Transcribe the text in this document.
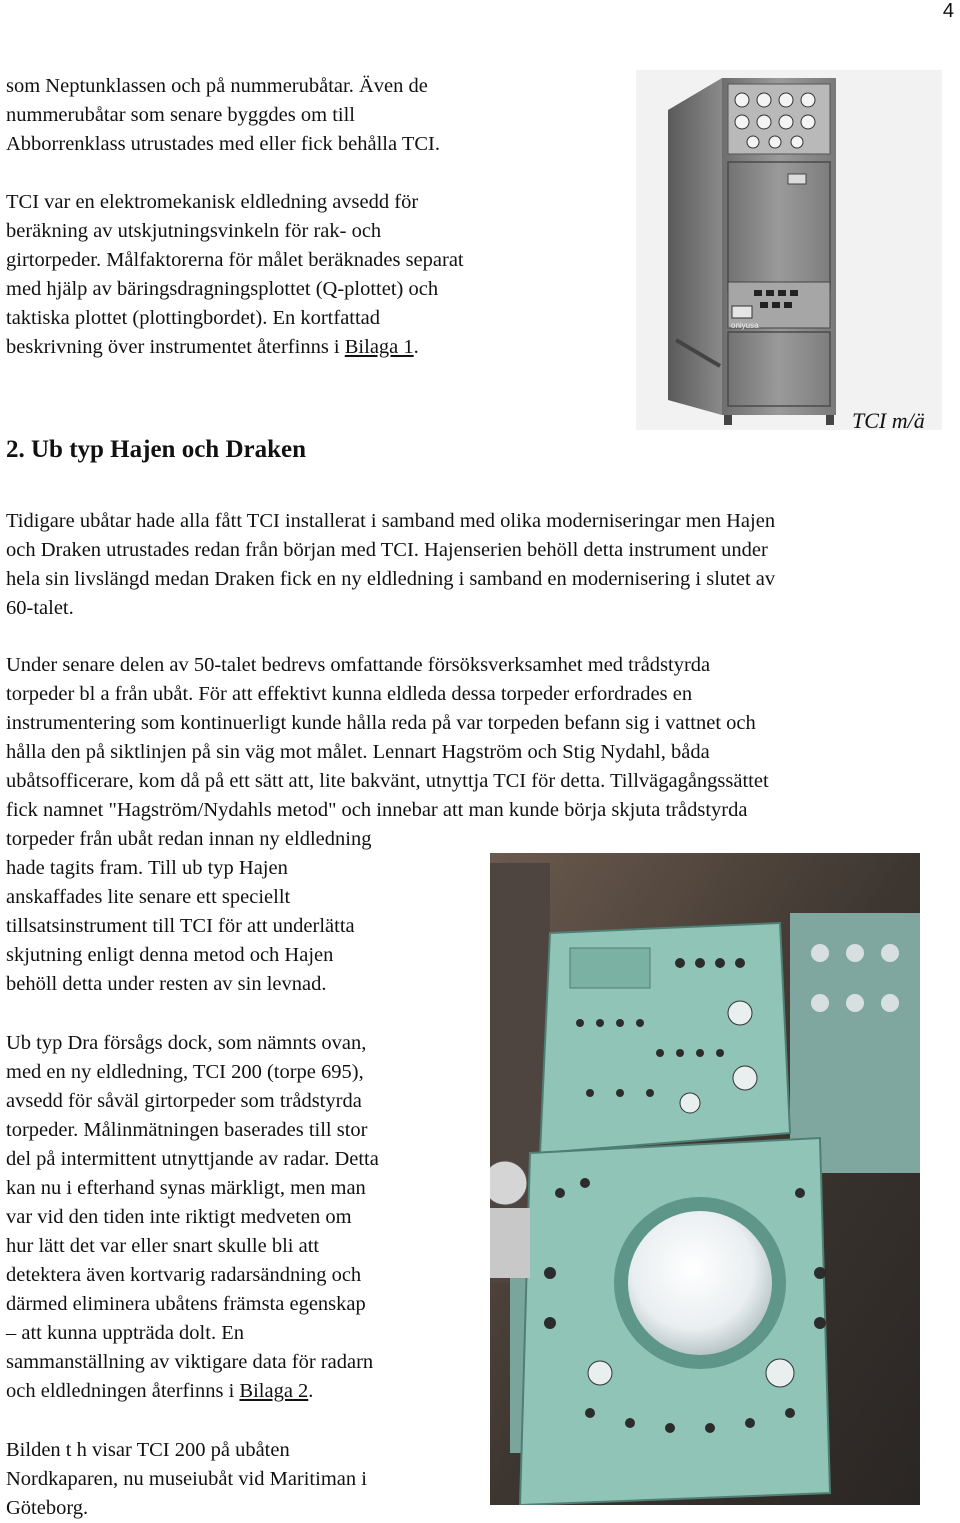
4
som Neptunklassen och på nummerubåtar. Även de
nummerubåtar som senare byggdes om till
Abborrenklass utrustades med eller fick behålla TCI.
TCI var en elektromekanisk eldledning avsedd för
beräkning av utskjutningsvinkeln för rak- och
girtorpeder. Målfaktorerna för målet beräknades separat
med hjälp av bäringsdragningsplottet (Q-plottet) och
taktiska plottet (plottingbordet). En kortfattad
beskrivning över instrumentet återfinns i Bilaga 1.
oniyusa
TCI m/ä
2. Ub typ Hajen och Draken
Tidigare ubåtar hade alla fått TCI installerat i samband med olika moderniseringar men Hajen
och Draken utrustades redan från början med TCI. Hajenserien behöll detta instrument under
hela sin livslängd medan Draken fick en ny eldledning i samband en modernisering i slutet av
60-talet.
Under senare delen av 50-talet bedrevs omfattande försöksverksamhet med trådstyrda
torpeder bl a från ubåt. För att effektivt kunna eldleda dessa torpeder erfordrades en
instrumentering som kontinuerligt kunde hålla reda på var torpeden befann sig i vattnet och
hålla den på siktlinjen på sin väg mot målet. Lennart Hagström och Stig Nydahl, båda
ubåtsofficerare, kom då på ett sätt att, lite bakvänt, utnyttja TCI för detta. Tillvägagångssättet
fick namnet "Hagström/Nydahls metod" och innebar att man kunde börja skjuta trådstyrda
torpeder från ubåt redan innan ny eldledning
hade tagits fram. Till ub typ Hajen
anskaffades lite senare ett speciellt
tillsatsinstrument till TCI för att underlätta
skjutning enligt denna metod och Hajen
behöll detta under resten av sin levnad.
Ub typ Dra försågs dock, som nämnts ovan,
med en ny eldledning, TCI 200 (torpe 695),
avsedd för såväl girtorpeder som trådstyrda
torpeder. Målinmätningen baserades till stor
del på intermittent utnyttjande av radar. Detta
kan nu i efterhand synas märkligt, men man
var vid den tiden inte riktigt medveten om
hur lätt det var eller snart skulle bli att
detektera även kortvarig radarsändning och
därmed eliminera ubåtens främsta egenskap
– att kunna uppträda dolt. En
sammanställning av viktigare data för radarn
och eldledningen återfinns i Bilaga 2.
Bilden t h visar TCI 200 på ubåten
Nordkaparen, nu museiubåt vid Maritiman i
Göteborg.
